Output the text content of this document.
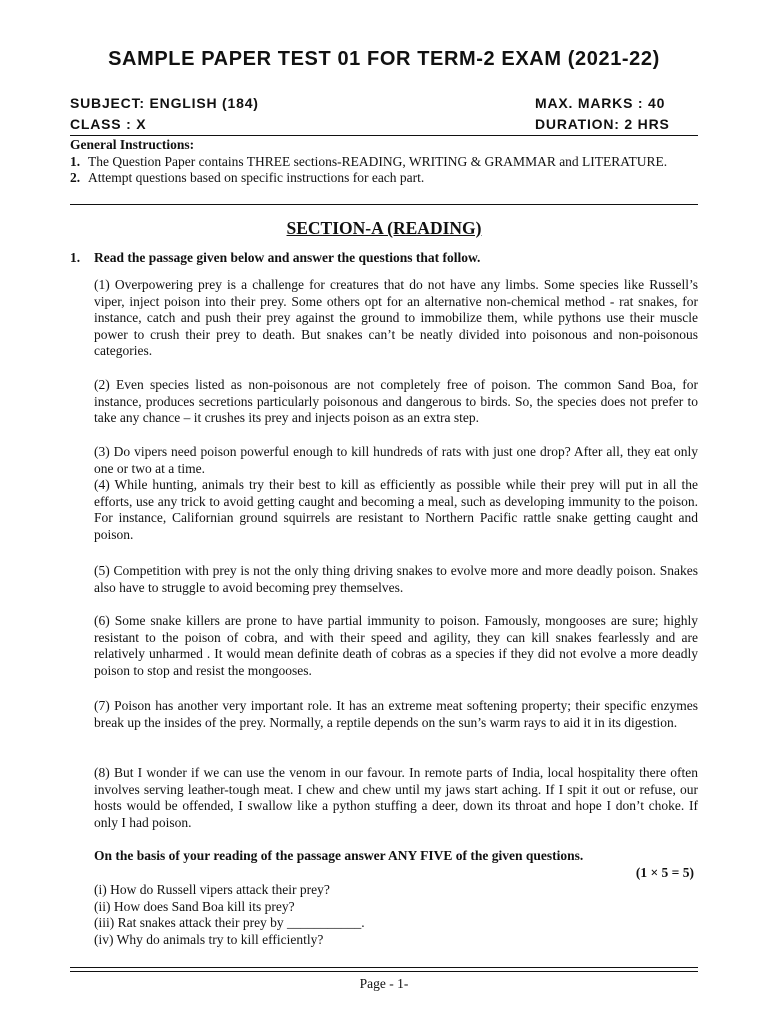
SAMPLE PAPER TEST 01 FOR TERM-2 EXAM (2021-22)
SUBJECT: ENGLISH (184)
CLASS : X
MAX. MARKS : 40
DURATION: 2 HRS
General Instructions:
1. The Question Paper contains THREE sections-READING, WRITING & GRAMMAR and LITERATURE.
2. Attempt questions based on specific instructions for each part.
SECTION-A (READING)
1. Read the passage given below and answer the questions that follow.

(1) Overpowering prey is a challenge for creatures that do not have any limbs. Some species like Russell’s viper, inject poison into their prey. Some others opt for an alternative non-chemical method - rat snakes, for instance, catch and push their prey against the ground to immobilize them, while pythons use their muscle power to crush their prey to death. But snakes can’t be neatly divided into poisonous and non-poisonous categories.

(2) Even species listed as non-poisonous are not completely free of poison. The common Sand Boa, for instance, produces secretions particularly poisonous and dangerous to birds. So, the species does not prefer to take any chance – it crushes its prey and injects poison as an extra step.

(3) Do vipers need poison powerful enough to kill hundreds of rats with just one drop? After all, they eat only one or two at a time.

(4) While hunting, animals try their best to kill as efficiently as possible while their prey will put in all the efforts, use any trick to avoid getting caught and becoming a meal, such as developing immunity to the poison. For instance, Californian ground squirrels are resistant to Northern Pacific rattle snake getting caught and poison.

(5) Competition with prey is not the only thing driving snakes to evolve more and more deadly poison. Snakes also have to struggle to avoid becoming prey themselves.

(6) Some snake killers are prone to have partial immunity to poison. Famously, mongooses are sure; highly resistant to the poison of cobra, and with their speed and agility, they can kill snakes fearlessly and are relatively unharmed . It would mean definite death of cobras as a species if they did not evolve a more deadly poison to stop and resist the mongooses.

(7) Poison has another very important role. It has an extreme meat softening property; their specific enzymes break up the insides of the prey. Normally, a reptile depends on the sun’s warm rays to aid it in its digestion.

(8) But I wonder if we can use the venom in our favour. In remote parts of India, local hospitality there often involves serving leather-tough meat. I chew and chew until my jaws start aching. If I spit it out or refuse, our hosts would be offended, I swallow like a python stuffing a deer, down its throat and hope I don’t choke. If only I had poison.

On the basis of your reading of the passage answer ANY FIVE of the given questions.
(1 × 5 = 5)
(i) How do Russell vipers attack their prey?
(ii) How does Sand Boa kill its prey?
(iii) Rat snakes attack their prey by ___________.
(iv) Why do animals try to kill efficiently?
Page - 1-
